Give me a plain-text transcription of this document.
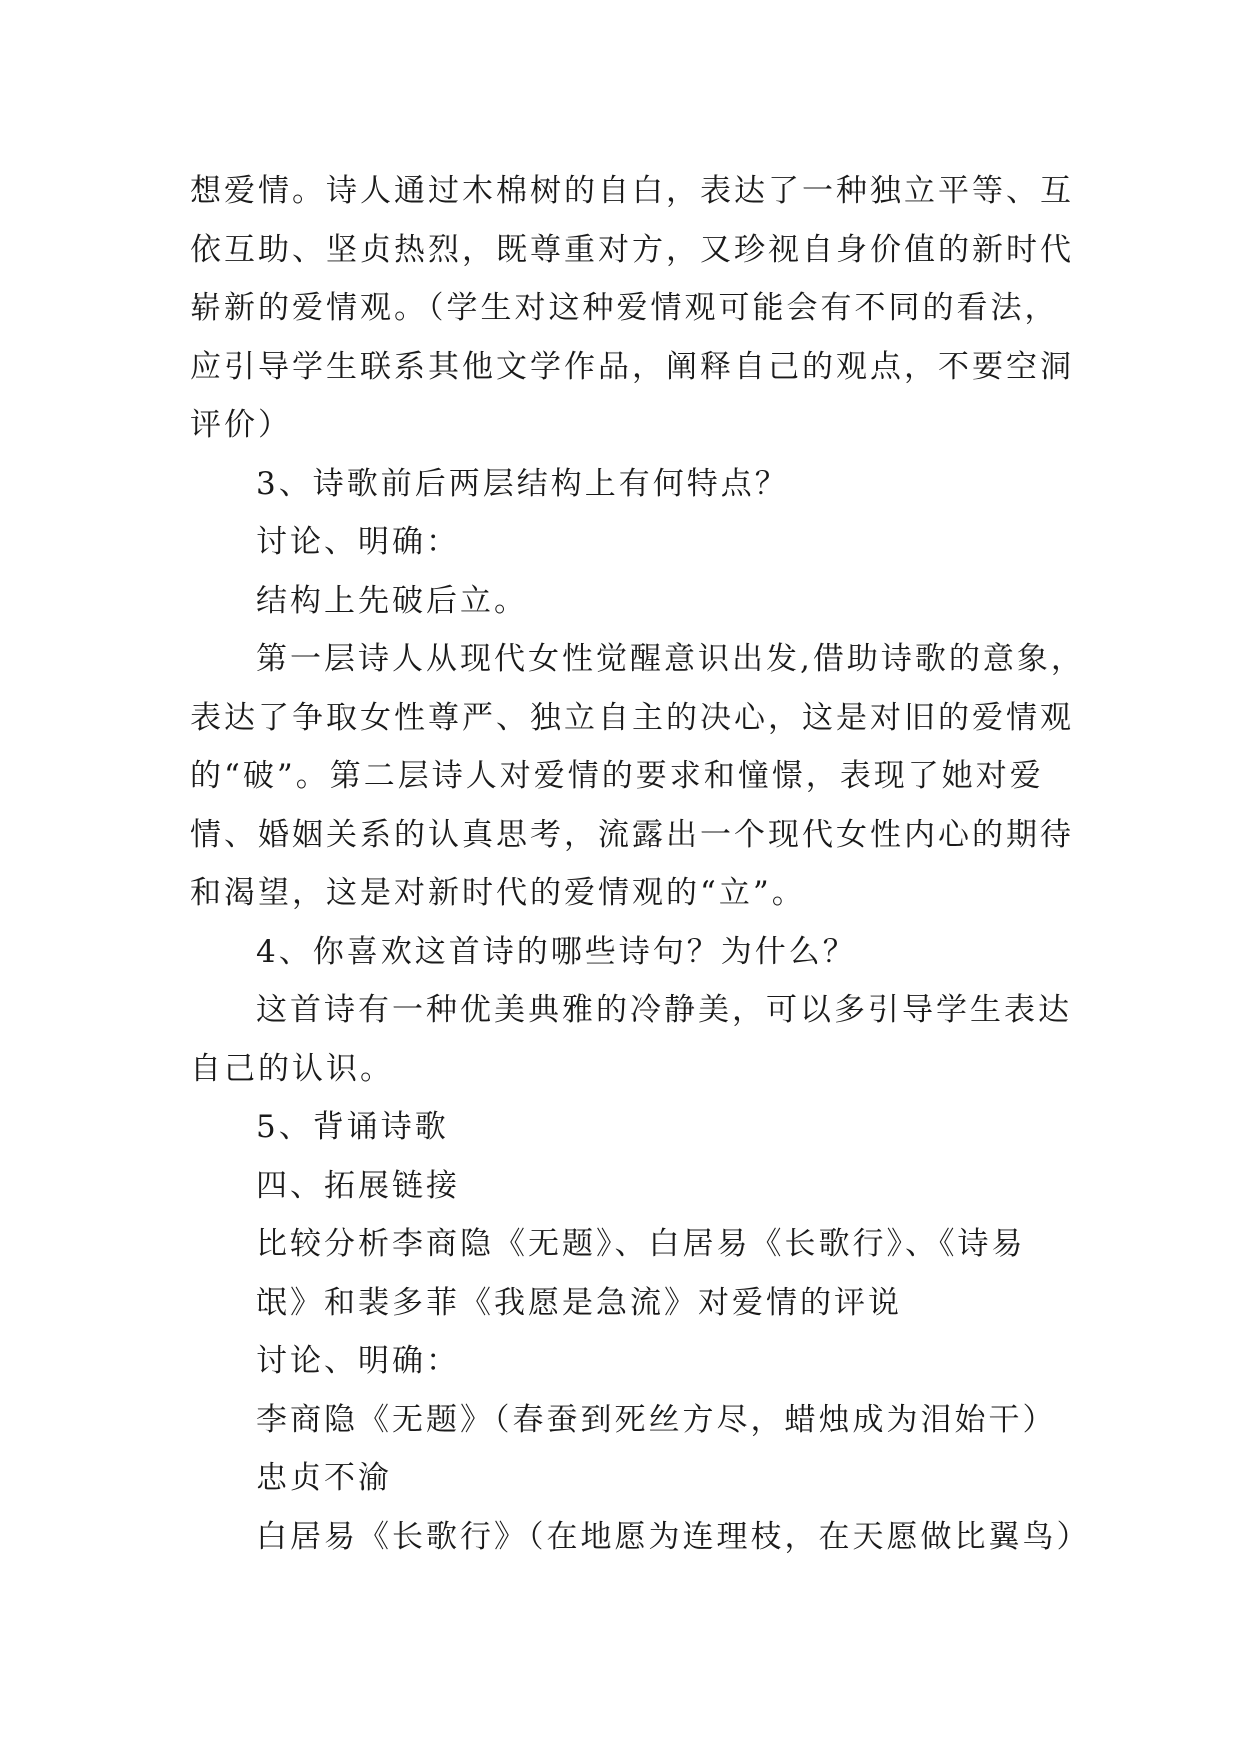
想爱情。诗人通过木棉树的自白，表达了一种独立平等、互
依互助、坚贞热烈，既尊重对方，又珍视自身价值的新时代
崭新的爱情观。（学生对这种爱情观可能会有不同的看法，
应引导学生联系其他文学作品，阐释自己的观点，不要空洞
评价）
3、诗歌前后两层结构上有何特点？
讨论、明确：
结构上先破后立。
第一层诗人从现代女性觉醒意识出发,借助诗歌的意象，
表达了争取女性尊严、独立自主的决心，这是对旧的爱情观
的“破”。第二层诗人对爱情的要求和憧憬，表现了她对爱
情、婚姻关系的认真思考，流露出一个现代女性内心的期待
和渴望，这是对新时代的爱情观的“立”。
4、你喜欢这首诗的哪些诗句？为什么？
这首诗有一种优美典雅的冷静美，可以多引导学生表达
自己的认识。
5、背诵诗歌
四、拓展链接
比较分析李商隐《无题》、白居易《长歌行》、《诗易
氓》和裴多菲《我愿是急流》对爱情的评说
讨论、明确：
李商隐《无题》（春蚕到死丝方尽，蜡烛成为泪始干）
忠贞不渝
白居易《长歌行》（在地愿为连理枝，在天愿做比翼鸟）
